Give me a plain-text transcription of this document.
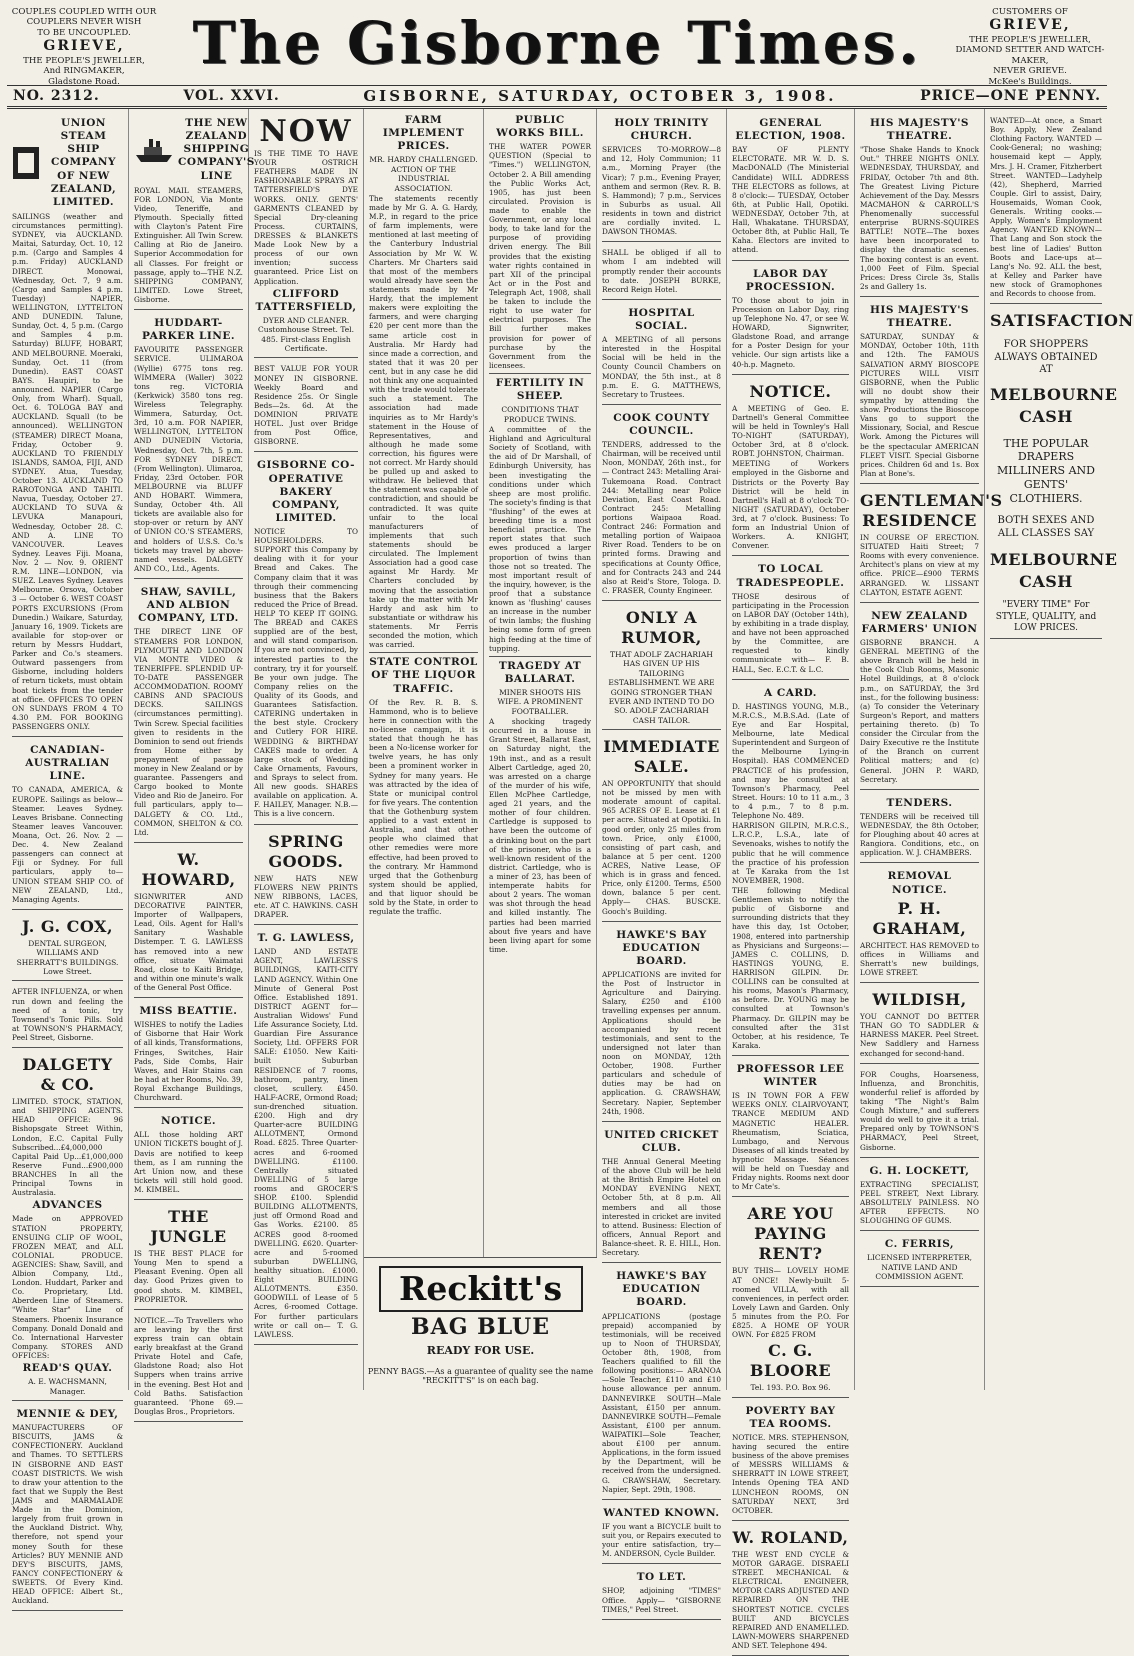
COUPLES COUPLED WITH OUR
COUPLERS NEVER WISH
TO BE UNCOUPLED.
GRIEVE,
THE PEOPLE'S JEWELLER,
And RINGMAKER,
Gladstone Road.
The Gisborne Times.	CUSTOMERS OF
GRIEVE,
THE PEOPLE'S JEWELLER,
DIAMOND SETTER AND WATCH-
MAKER,
NEVER GRIEVE.
McKee's Buildings.
NO. 2312.	VOL. XXVI.	GISBORNE, SATURDAY, OCTOBER 3, 1908.	PRICE—ONE PENNY.
UNION STEAM SHIP COMPANY OF NEW ZEALAND, LIMITED.
SAILINGS (weather and circumstances permitting). SYDNEY, via AUCKLAND. Maitai, Saturday, Oct. 10, 12 p.m. (Cargo and Samples 4 p.m. Friday) AUCKLAND DIRECT. Monowai, Wednesday, Oct. 7, 9 a.m. (Cargo and Samples 4 p.m. Tuesday) NAPIER, WELLINGTON, LYTTELTON AND DUNEDIN. Talune, Sunday, Oct. 4, 5 p.m. (Cargo and Samples 4 p.m. Saturday) BLUFF, HOBART, AND MELBOURNE. Moeraki, Sunday, Oct. 11 (from Dunedin). EAST COAST BAYS. Haupiri, to be announced. NAPIER (Cargo Only, from Wharf). Squall, Oct. 6. TOLOGA BAY and AUCKLAND. Squall (to be announced). WELLINGTON (STEAMER) DIRECT Moana, Friday, October 9. AUCKLAND TO FRIENDLY ISLANDS, SAMOA, FIJI, AND SYDNEY. Atua, Tuesday, October 13. AUCKLAND TO RAROTONGA AND TAHITI. Navua, Tuesday, October 27. AUCKLAND TO SUVA & LEVUKA Manapouri, Wednesday, October 28. C. AND A. LINE TO VANCOUVER. Leaves Sydney. Leaves Fiji. Moana, Nov. 2 — Nov. 9. ORIENT R.M. LINE—LONDON, via SUEZ. Leaves Sydney. Leaves Melbourne. Orsova, October 3 — October 6. WEST COAST PORTS EXCURSIONS (From Dunedin.) Waikare, Saturday, January 16, 1909. Tickets are available for stop-over or return by Messrs Huddart, Parker and Co.'s steamers. Outward passengers from Gisborne, including holders of return tickets, must obtain boat tickets from the tender at office. OFFICES TO OPEN ON SUNDAYS FROM 4 TO 4.30 P.M. FOR BOOKING PASSENGERS ONLY.
CANADIAN-AUSTRALIAN LINE.
TO CANADA, AMERICA, & EUROPE. Sailings as below— Steamer. Leaves Sydney. Leaves Brisbane. Connecting Steamer leaves Vancouver. Moana, Oct. 26. Nov. 2 — Dec. 4. New Zealand passengers can connect at Fiji or Sydney. For full particulars, apply to— UNION STEAM SHIP CO. of NEW ZEALAND, Ltd., Managing Agents.
J. G. COX,
DENTAL SURGEON, WILLIAMS AND SHERRATT'S BUILDINGS. Lowe Street.
AFTER INFLUENZA, or when run down and feeling the need of a tonic, try Townsend's Tonic Pills. Sold at TOWNSON'S PHARMACY, Peel Street, Gisborne.
DALGETY & CO.
LIMITED. STOCK, STATION, and SHIPPING AGENTS. HEAD OFFICE: 96 Bishopsgate Street Within, London, E.C. Capital Fully Subscribed...£4,000,000 Capital Paid Up...£1,000,000 Reserve Fund...£900,000 BRANCHES In all the Principal Towns in Australasia.
ADVANCES
Made on APPROVED STATION PROPERTY, ENSUING CLIP OF WOOL, FROZEN MEAT, and ALL COLONIAL PRODUCE. AGENCIES: Shaw, Savill, and Albion Company, Ltd., London. Huddart, Parker and Co. Proprietary, Ltd. Aberdeen Line of Steamers. "White Star" Line of Steamers. Phoenix Insurance Company. Donald Donald and Co. International Harvester Company. STORES AND OFFICES:
READ'S QUAY.
A. E. WACHSMANN, Manager.
MENNIE & DEY,
MANUFACTURERS OF BISCUITS, JAMS & CONFECTIONERY. Auckland and Thames. TO SETTLERS IN GISBORNE AND EAST COAST DISTRICTS. We wish to draw your attention to the fact that we Supply the Best JAMS and MARMALADE Made in the Dominion, largely from fruit grown in the Auckland District. Why, therefore, not spend your money South for these Articles? BUY MENNIE AND DEY'S BISCUITS, JAMS, FANCY CONFECTIONERY & SWEETS. Of Every Kind. HEAD OFFICE: Albert St., Auckland.
THE NEW ZEALAND SHIPPING COMPANY'S LINE
ROYAL MAIL STEAMERS, FOR LONDON, Via Monte Video, Teneriffe, and Plymouth. Specially fitted with Clayton's Patent Fire Extinguisher. All Twin Screw. Calling at Rio de Janeiro. Superior Accommodation for all Classes. For freight or passage, apply to—THE N.Z. SHIPPING COMPANY, LIMITED. Lowe Street, Gisborne.
HUDDART-PARKER LINE.
FAVOURITE PASSENGER SERVICE. ULIMAROA (Wyllie) 6775 tons reg. WIMMERA (Waller) 3022 tons reg. VICTORIA (Kerkwick) 3580 tons reg. Wireless Telegraphy. Wimmera, Saturday, Oct. 3rd, 10 a.m. FOR NAPIER, WELLINGTON, LYTTELTON AND DUNEDIN Victoria, Wednesday, Oct. 7th, 5 p.m. FOR SYDNEY DIRECT. (From Wellington). Ulimaroa, Friday, 23rd October. FOR MELBOURNE via BLUFF AND HOBART. Wimmera, Sunday, October 4th. All tickets are available also for stop-over or return by ANY of UNION CO.'S STEAMERS, and holders of U.S.S. Co.'s tickets may travel by above-named vessels. DALGETY AND CO., Ltd., Agents.
SHAW, SAVILL, AND ALBION COMPANY, LTD.
THE DIRECT LINE OF STEAMERS FOR LONDON, PLYMOUTH AND LONDON VIA MONTE VIDEO & TENERIFFE. SPLENDID UP-TO-DATE PASSENGER ACCOMMODATION. ROOMY CABINS AND SPACIOUS DECKS. SAILINGS (circumstances permitting). Twin Screw. Special facilities given to residents in the Dominion to send out friends from Home either by prepayment of passage money in New Zealand or by guarantee. Passengers and Cargo booked to Monte Video and Rio de Janeiro. For full particulars, apply to— DALGETY & CO. Ltd., COMMON, SHELTON & CO. Ltd.
W. HOWARD,
SIGNWRITER AND DECORATIVE PAINTER, Importer of Wallpapers, Lead, Oils. Agent for Hall's Sanitary Washable Distemper. T. G. LAWLESS has removed into a new office, situate Waimatai Road, close to Kaiti Bridge, and within one minute's walk of the General Post Office.
MISS BEATTIE.
WISHES to notify the Ladies of Gisborne that Hair Work of all kinds, Transformations, Fringes, Switches, Hair Pads, Side Combs, Hair Waves, and Hair Stains can be had at her Rooms, No. 39, Royal Exchange Buildings, Churchward.
NOTICE.
ALL those holding ART UNION TICKETS bought of J. Davis are notified to keep them, as I am running the Art Union now, and these tickets will still hold good. M. KIMBEL.
THE JUNGLE
IS THE BEST PLACE for Young Men to spend a Pleasant Evening. Open all day. Good Prizes given to good shots. M. KIMBEL, PROPRIETOR.
NOTICE.—To Travellers who are leaving by the first express train can obtain early breakfast at the Grand Private Hotel and Cafe, Gladstone Road; also Hot Suppers when trains arrive in the evening. Best Hot and Cold Baths. Satisfaction guaranteed. 'Phone 69.—Douglas Bros., Proprietors.
NOW
IS THE TIME TO HAVE YOUR OSTRICH FEATHERS MADE IN FASHIONABLE SPRAYS AT TATTERSFIELD'S DYE WORKS. ONLY. GENTS' GARMENTS CLEANED by Special Dry-cleaning Process. CURTAINS, DRESSES & BLANKETS Made Look New by a process of our own invention; success guaranteed. Price List on Application.
CLIFFORD TATTERSFIELD,
DYER AND CLEANER. Customhouse Street. Tel. 485. First-class English Certificate.
BEST VALUE FOR YOUR MONEY IN GISBORNE. Weekly Board and Residence 25s. Or Single Beds—2s. 6d. At the DOMINION PRIVATE HOTEL. Just over Bridge from Post Office, GISBORNE.
GISBORNE CO-OPERATIVE BAKERY COMPANY, LIMITED.
NOTICE TO HOUSEHOLDERS. SUPPORT this Company by dealing with it for your Bread and Cakes. The Company claim that it was through their commencing business that the Bakers reduced the Price of Bread. HELP TO KEEP IT GOING. The BREAD and CAKES supplied are of the best, and will stand comparison. If you are not convinced, by interested parties to the contrary, try it for yourself. Be your own judge. The Company relies on the Quality of its Goods, and Guarantees Satisfaction. CATERING undertaken in the best style. Crockery and Cutlery FOR HIRE. WEDDING & BIRTHDAY CAKES made to order. A large stock of Wedding Cake Ornaments, Favours, and Sprays to select from. All new goods. SHARES available on application. A. F. HAILEY, Manager. N.B.—This is a live concern.
SPRING GOODS.
NEW HATS NEW FLOWERS NEW PRINTS NEW RIBBONS, LACES, etc. AT C. HAWKINS. CASH DRAPER.
T. G. LAWLESS,
LAND AND ESTATE AGENT, LAWLESS'S BUILDINGS, KAITI-CITY LAND AGENCY. Within One Minute of General Post Office. Established 1891. DISTRICT AGENT for— Australian Widows' Fund Life Assurance Society, Ltd. Guardian Fire Assurance Society, Ltd. OFFERS FOR SALE: £1050. New Kaiti-built Suburban RESIDENCE of 7 rooms, bathroom, pantry, linen closet, scullery. £450. HALF-ACRE, Ormond Road; sun-drenched situation. £200. High and dry Quarter-acre BUILDING ALLOTMENT, Ormond Road. £825. Three Quarter-acres and 6-roomed DWELLING. £1100. Centrally situated DWELLING of 5 large rooms and GROCER'S SHOP. £100. Splendid BUILDING ALLOTMENTS, just off Ormond Road and Gas Works. £2100. 85 ACRES good 8-roomed DWELLING. £620. Quarter-acre and 5-roomed suburban DWELLING, healthy situation. £1000. Eight BUILDING ALLOTMENTS. £350. GOODWILL of Lease of 5 Acres, 6-roomed Cottage. For further particulars write or call on— T. G. LAWLESS.
FARM IMPLEMENT PRICES.
MR. HARDY CHALLENGED. ACTION OF THE INDUSTRIAL ASSOCIATION.
The statements recently made by Mr G. A. G. Hardy, M.P., in regard to the price of farm implements, were mentioned at last meeting of the Canterbury Industrial Association by Mr W. W. Charters. Mr Charters said that most of the members would already have seen the statements made by Mr Hardy, that the implement makers were exploiting the farmers, and were charging £20 per cent more than the same article cost in Australia. Mr Hardy had since made a correction, and stated that it was 20 per cent, but in any case he did not think any one acquainted with the trade would tolerate such a statement. The association had made inquiries as to Mr Hardy's statement in the House of Representatives, and although he made some correction, his figures were not correct. Mr Hardy should be pulled up and asked to withdraw. He believed that the statement was capable of contradiction, and should be contradicted. It was quite unfair to the local manufacturers of implements that such statements should be circulated. The Implement Association had a good case against Mr Hardy. Mr Charters concluded by moving that the association take up the matter with Mr Hardy and ask him to substantiate or withdraw his statements. Mr Ferris seconded the motion, which was carried.
STATE CONTROL OF THE LIQUOR TRAFFIC.
Of the Rev. R. B. S. Hammond, who is to believe here in connection with the no-license campaign, it is stated that though he has been a No-license worker for twelve years, he has only been a prominent worker in Sydney for many years. He was attracted by the idea of State or municipal control for five years. The contention that the Gothenburg system applied to a vast extent in Australia, and that other people who claimed that other remedies were more effective, had been proved to the contrary. Mr Hammond urged that the Gothenburg system should be applied, and that liquor should be sold by the State, in order to regulate the traffic.
PUBLIC WORKS BILL.
THE WATER POWER QUESTION (Special to "Times.") WELLINGTON, October 2. A Bill amending the Public Works Act, 1905, has just been circulated. Provision is made to enable the Government, or any local body, to take land for the purpose of providing driven energy. The Bill provides that the existing water rights contained in part XII of the principal Act or in the Post and Telegraph Act, 1908, shall be taken to include the right to use water for electrical purposes. The Bill further makes provision for power of purchase by the Government from the licensees.
FERTILITY IN SHEEP.
CONDITIONS THAT PRODUCE TWINS.
A committee of the Highland and Agricultural Society of Scotland, with the aid of Dr Marshall, of Edinburgh University, has been investigating the conditions under which sheep are most prolific. The society's finding is that "flushing" of the ewes at breeding time is a most beneficial practice. The report states that such ewes produced a larger proportion of twins than those not so treated. The most important result of the inquiry, however, is the proof that a substance known as 'flushing' causes an increase in the number of twin lambs; the flushing being some form of green high feeding at the time of tupping.
TRAGEDY AT BALLARAT.
MINER SHOOTS HIS WIFE. A PROMINENT FOOTBALLER.
A shocking tragedy occurred in a house in Grant Street, Ballarat East, on Saturday night, the 19th inst., and as a result Albert Cartledge, aged 20, was arrested on a charge of the murder of his wife, Ellen McPhee Cartledge, aged 21 years, and the mother of four children. Cartledge is supposed to have been the outcome of a drinking bout on the part of the prisoner, who is a well-known resident of the district. Cartledge, who is a miner of 23, has been of intemperate habits for about 2 years. The woman was shot through the head and killed instantly. The parties had been married about five years and have been living apart for some time.
Reckitt's
BAG BLUE
READY FOR USE.
PENNY BAGS.—As a guarantee of quality see the name "RECKITT'S" is on each bag.
HOLY TRINITY CHURCH.
SERVICES TO-MORROW—8 and 12, Holy Communion; 11 a.m., Morning Prayer (the Vicar); 7 p.m., Evening Prayer, anthem and sermon (Rev. R. B. S. Hammond); 7 p.m., Services in Suburbs as usual. All residents in town and district are cordially invited. L. DAWSON THOMAS.
SHALL be obliged if all to whom I am indebted will promptly render their accounts to date. JOSEPH BURKE, Record Reign Hotel.
HOSPITAL SOCIAL.
A MEETING of all persons interested in the Hospital Social will be held in the County Council Chambers on MONDAY, the 5th inst., at 8 p.m. E. G. MATTHEWS, Secretary to Trustees.
COOK COUNTY COUNCIL.
TENDERS, addressed to the Chairman, will be received until Noon, MONDAY, 26th inst., for— Contract 243: Metalling Arai-Tukemoana Road. Contract 244: Metalling near Police Deviation, East Coast Road. Contract 245: Metalling portions Waipaoa Road. Contract 246: Formation and metalling portion of Waipaoa River Road. Tenders to be on printed forms. Drawing and specifications at County Office, and for Contracts 243 and 244 also at Reid's Store, Tologa. D. C. FRASER, County Engineer.
ONLY A RUMOR,
THAT ADOLF ZACHARIAH HAS GIVEN UP HIS TAILORING ESTABLISHMENT. WE ARE GOING STRONGER THAN EVER AND INTEND TO DO SO. ADOLF ZACHARIAH CASH TAILOR.
IMMEDIATE SALE.
AN OPPORTUNITY that should not be missed by men with moderate amount of capital. 965 ACRES OF E. Lease at £1 per acre. Situated at Opotiki. In good order, only 25 miles from town. Price, only £1000, consisting of part cash, and balance at 5 per cent. 1200 ACRES, Native Lease, OF which is in grass and fenced. Price, only £1200. Terms, £500 down, balance 5 per cent. Apply— CHAS. BUSCKE. Gooch's Building.
HAWKE'S BAY EDUCATION BOARD.
APPLICATIONS are invited for the Post of Instructor in Agriculture and Dairying. Salary, £250 and £100 travelling expenses per annum. Applications should be accompanied by recent testimonials, and sent to the undersigned not later than noon on MONDAY, 12th October, 1908. Further particulars and schedule of duties may be had on application. G. CRAWSHAW, Secretary. Napier, September 24th, 1908.
UNITED CRICKET CLUB.
THE Annual General Meeting of the above Club will be held at the British Empire Hotel on MONDAY EVENING NEXT, October 5th, at 8 p.m. All members and all those interested in cricket are invited to attend. Business: Election of officers, Annual Report and Balance-sheet. R. E. HILL, Hon. Secretary.
HAWKE'S BAY EDUCATION BOARD.
APPLICATIONS (postage prepaid) accompanied by testimonials, will be received up to Noon of THURSDAY, October 8th, 1908, from Teachers qualified to fill the following positions:— ARANOA—Sole Teacher, £110 and £10 house allowance per annum. DANNEVIRKE SOUTH—Male Assistant, £150 per annum. DANNEVIRKE SOUTH—Female Assistant, £100 per annum. WAIPATIKI—Sole Teacher, about £100 per annum. Applications, in the form issued by the Department, will be received from the undersigned. G. CRAWSHAW, Secretary. Napier, Sept. 29th, 1908.
WANTED KNOWN.
IF you want a BICYCLE built to suit you, or Repairs executed to your entire satisfaction, try— M. ANDERSON, Cycle Builder.
TO LET.
SHOP, adjoining "TIMES" Office. Apply— "GISBORNE TIMES," Peel Street.
GENERAL ELECTION, 1908.
BAY OF PLENTY ELECTORATE. MR W. D. S. MacDONALD (The Ministerial Candidate) WILL ADDRESS THE ELECTORS as follows, at 8 o'clock:— TUESDAY, October 6th, at Public Hall, Opotiki. WEDNESDAY, October 7th, at Hall, Whakatane. THURSDAY, October 8th, at Public Hall, Te Kaha. Electors are invited to attend.
LABOR DAY PROCESSION.
TO those about to join in Procession on Labor Day, ring up Telephone No. 47, or see W. HOWARD, Signwriter, Gladstone Road, and arrange for a Poster Design for your vehicle. Our sign artists like a 40-h.p. Magneto.
NOTICE.
A MEETING of Geo. E. Dartnell's General Committee will be held in Townley's Hall TO-NIGHT (SATURDAY), October 3rd, at 8 o'clock. ROBT. JOHNSTON, Chairman.
MEETING of Workers employed in the Gisborne and Districts or the Poverty Bay District will be held in Dartnell's Hall at 8 o'clock TO-NIGHT (SATURDAY), October 3rd, at 7 o'clock. Business: To form an Industrial Union of Workers. A. KNIGHT, Convener.
TO LOCAL TRADESPEOPLE.
THOSE desirous of participating in the Procession on LABOR DAY (October 14th), by exhibiting in a trade display, and have not been approached by the Committee, are requested to kindly communicate with— F. B. HALL, Sec. E.C.T. & L.C.
A CARD.
D. HASTINGS YOUNG, M.B., M.R.C.S., M.B.S.Ad. (Late of Eye and Ear Hospital, Melbourne, late Medical Superintendent and Surgeon of the Melbourne Lying-in Hospital). HAS COMMENCED PRACTICE of his profession, and may be consulted at Townson's Pharmacy, Peel Street. Hours: 10 to 11 a.m., 3 to 4 p.m., 7 to 8 p.m. Telephone No. 489.
HARRISON GILPIN, M.R.C.S., L.R.C.P., L.S.A., late of Sevenoaks, wishes to notify the public that he will commence the practice of his profession at Te Karaka from the 1st NOVEMBER, 1908.
THE following Medical Gentlemen wish to notify the public of Gisborne and surrounding districts that they have this day, 1st October, 1908, entered into partnership as Physicians and Surgeons:— JAMES C. COLLINS, D. HASTINGS YOUNG, E. HARRISON GILPIN. Dr. COLLINS can be consulted at his rooms, Mason's Pharmacy, as before. Dr. YOUNG may be consulted at Townson's Pharmacy. Dr. GILPIN may be consulted after the 31st October, at his residence, Te Karaka.
PROFESSOR LEE WINTER
IS IN TOWN FOR A FEW WEEKS ONLY. CLAIRVOYANT, TRANCE MEDIUM AND MAGNETIC HEALER. Rheumatism, Sciatica, Lumbago, and Nervous Diseases of all kinds treated by hypnotic Massage. Séances will be held on Tuesday and Friday nights. Rooms next door to Mr Cate's.
ARE YOU PAYING RENT?
BUY THIS— LOVELY HOME AT ONCE! Newly-built 5-roomed VILLA, with all conveniences, in perfect order. Lovely Lawn and Garden. Only 5 minutes from the P.O. For £825. A HOME OF YOUR OWN. For £825 FROM
C. G. BLOORE
Tel. 193. P.O. Box 96.
POVERTY BAY TEA ROOMS.
NOTICE. MRS. STEPHENSON, having secured the entire business of the above premises of MESSRS WILLIAMS & SHERRATT IN LOWE STREET, Intends Opening TEA AND LUNCHEON ROOMS, ON SATURDAY NEXT, 3rd OCTOBER.
W. ROLAND,
THE WEST END CYCLE & MOTOR GARAGE. DISRAELI STREET. MECHANICAL & ELECTRICAL ENGINEER, MOTOR CARS ADJUSTED AND REPAIRED ON THE SHORTEST NOTICE. CYCLES BUILT AND BICYCLES REPAIRED AND ENAMELLED. LAWN-MOWERS SHARPENED AND SET. Telephone 494.
HIS MAJESTY'S THEATRE.
"Those Shake Hands to Knock Out." THREE NIGHTS ONLY. WEDNESDAY, THURSDAY, and FRIDAY, October 7th and 8th. The Greatest Living Picture Achievement of the Day. Messrs MACMAHON & CARROLL'S Phenomenally successful enterprise BURNS-SQUIRES BATTLE! NOTE—The boxes have been incorporated to display the dramatic scenes. The boxing contest is an event. 1,000 Feet of Film. Special Prices: Dress Circle 3s, Stalls 2s and Gallery 1s.
HIS MAJESTY'S THEATRE.
SATURDAY, SUNDAY & MONDAY, October 10th, 11th and 12th. The FAMOUS SALVATION ARMY BIOSCOPE PICTURES WILL VISIT GISBORNE, when the Public will no doubt show their sympathy by attending the show. Productions the Bioscope Vans go to support the Missionary, Social, and Rescue Work. Among the Pictures will be the spectacular AMERICAN FLEET VISIT. Special Gisborne prices. Children 6d and 1s. Box Plan at Bone's.
GENTLEMAN'S RESIDENCE
IN COURSE OF ERECTION. SITUATED Haiti Street; 7 Rooms with every convenience. Architect's plans on view at my office. PRICE—£900 TERMS ARRANGED. W. LISSANT CLAYTON, ESTATE AGENT.
NEW ZEALAND FARMERS' UNION
GISBORNE BRANCH. A GENERAL MEETING of the above Branch will be held in the Cook Club Rooms, Masonic Hotel Buildings, at 8 o'clock p.m., on SATURDAY, the 3rd inst., for the following business: (a) To consider the Veterinary Surgeon's Report, and matters pertaining thereto. (b) To consider the Circular from the Dairy Executive re the Institute of the Branch on current Political matters; and (c) General. JOHN P. WARD, Secretary.
TENDERS.
TENDERS will be received till WEDNESDAY, the 8th October, for Ploughing about 40 acres at Rangiora. Conditions, etc., on application. W. J. CHAMBERS.
REMOVAL NOTICE.
P. H. GRAHAM,
ARCHITECT. HAS REMOVED to offices in Williams and Sherratt's new buildings, LOWE STREET.
WILDISH,
YOU CANNOT DO BETTER THAN GO TO SADDLER & HARNESS MAKER. Peel Street. New Saddlery and Harness exchanged for second-hand.
FOR Coughs, Hoarseness, Influenza, and Bronchitis, wonderful relief is afforded by taking "The Night's Balm Cough Mixture," and sufferers would do well to give it a trial. Prepared only by TOWNSON'S PHARMACY, Peel Street, Gisborne.
G. H. LOCKETT,
EXTRACTING SPECIALIST, PEEL STREET, Next Library. ABSOLUTELY PAINLESS. NO AFTER EFFECTS. NO SLOUGHING OF GUMS.
C. FERRIS,
LICENSED INTERPRETER, NATIVE LAND AND COMMISSION AGENT.
WANTED—At once, a Smart Boy. Apply, New Zealand Clothing Factory. WANTED — Cook-General; no washing; housemaid kept — Apply, Mrs. J. H. Cramer, Fitzherbert Street. WANTED—Ladyhelp (42), Shepherd, Married Couple. Girl to assist, Dairy, Housemaids, Woman Cook, Generals. Writing cooks.—Apply, Women's Employment Agency. WANTED KNOWN—That Lang and Son stock the best line of Ladies' Button Boots and Lace-ups at—Lang's No. 92. ALL the best, at Kelley and Parker have new stock of Gramophones and Records to choose from.
SATISFACTION
FOR SHOPPERS ALWAYS OBTAINED AT
MELBOURNE
CASH
THE POPULAR DRAPERS MILLINERS AND GENTS' CLOTHIERS.
BOTH SEXES AND ALL CLASSES SAY
MELBOURNE
CASH
"EVERY TIME" For STYLE, QUALITY, and LOW PRICES.
